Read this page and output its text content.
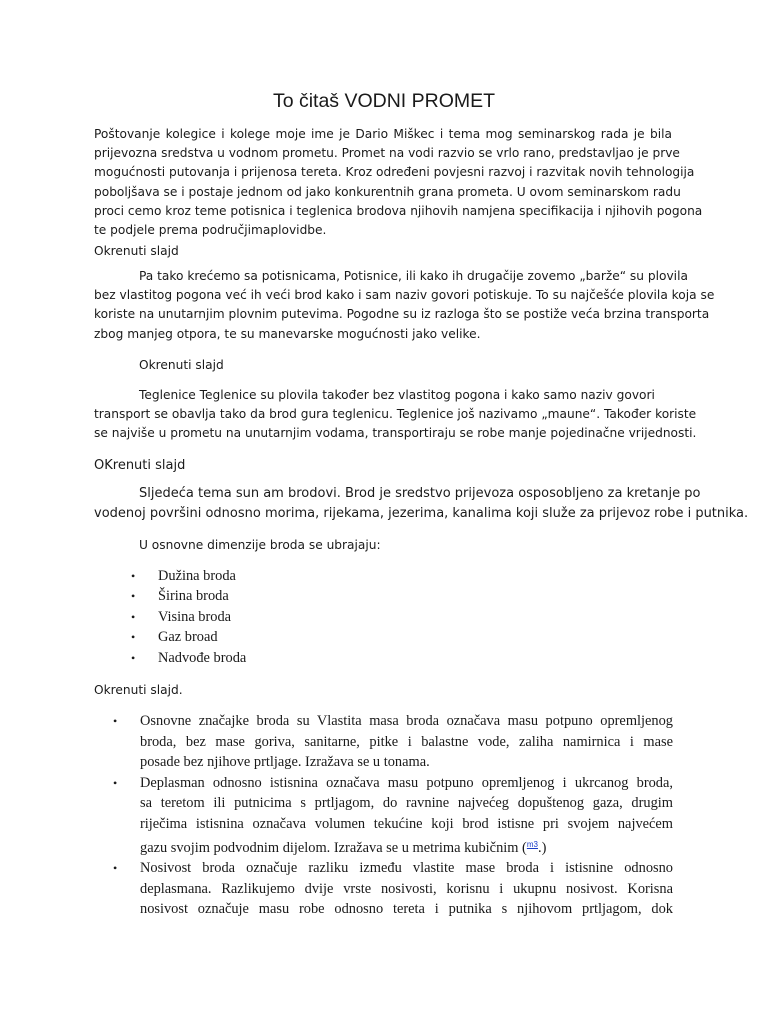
To čitaš VODNI PROMET
Poštovanje kolegice i kolege moje ime je Dario Miškec i tema mog seminarskog rada je bila
prijevozna sredstva u vodnom prometu. Promet na vodi razvio se vrlo rano, predstavljao je prve
mogućnosti putovanja i prijenosa tereta. Kroz određeni povjesni razvoj i razvitak novih tehnologija
poboljšava se i postaje jednom od jako konkurentnih grana prometa. U ovom seminarskom radu
proci cemo kroz teme potisnica i teglenica brodova njihovih namjena specifikacija i njihovih pogona
te podjele prema područjimaplovidbe.
Okrenuti slajd
Pa tako krećemo sa potisnicama, Potisnice, ili kako ih drugačije zovemo „barže“ su plovila
bez vlastitog pogona već ih veći brod kako i sam naziv govori potiskuje. To su najčešće plovila koja se
koriste na unutarnjim plovnim putevima. Pogodne su iz razloga što se postiže veća brzina transporta
zbog manjeg otpora, te su manevarske mogućnosti jako velike.
Okrenuti slajd
Teglenice Teglenice su plovila također bez vlastitog pogona i kako samo naziv govori
transport se obavlja tako da brod gura teglenicu. Teglenice još nazivamo „maune“. Također koriste
se najviše u prometu na unutarnjim vodama, transportiraju se robe manje pojedinačne vrijednosti.
OKrenuti slajd
Sljedeća tema sun am brodovi. Brod je sredstvo prijevoza osposobljeno za kretanje po
vodenoj površini odnosno morima, rijekama, jezerima, kanalima koji služe za prijevoz robe i putnika.
U osnovne dimenzije broda se ubrajaju:
• Dužina broda
• Širina broda
• Visina broda
• Gaz broad
• Nadvođe broda
Okrenuti slajd.
• Osnovne značajke broda su Vlastita masa broda označava masu potpuno opremljenog
broda, bez mase goriva, sanitarne, pitke i balastne vode, zaliha namirnica i mase
posade bez njihove prtljage. Izražava se u tonama.
• Deplasman odnosno istisnina označava masu potpuno opremljenog i ukrcanog broda,
sa teretom ili putnicima s prtljagom, do ravnine najvećeg dopuštenog gaza, drugim
riječima istisnina označava volumen tekućine koji brod istisne pri svojem najvećem
gazu svojim podvodnim dijelom. Izražava se u metrima kubičnim ($^{m3}$.)
• Nosivost broda označuje razliku između vlastite mase broda i istisnine odnosno
deplasmana. Razlikujemo dvije vrste nosivosti, korisnu i ukupnu nosivost. Korisna
nosivost označuje masu robe odnosno tereta i putnika s njihovom prtljagom, dok
